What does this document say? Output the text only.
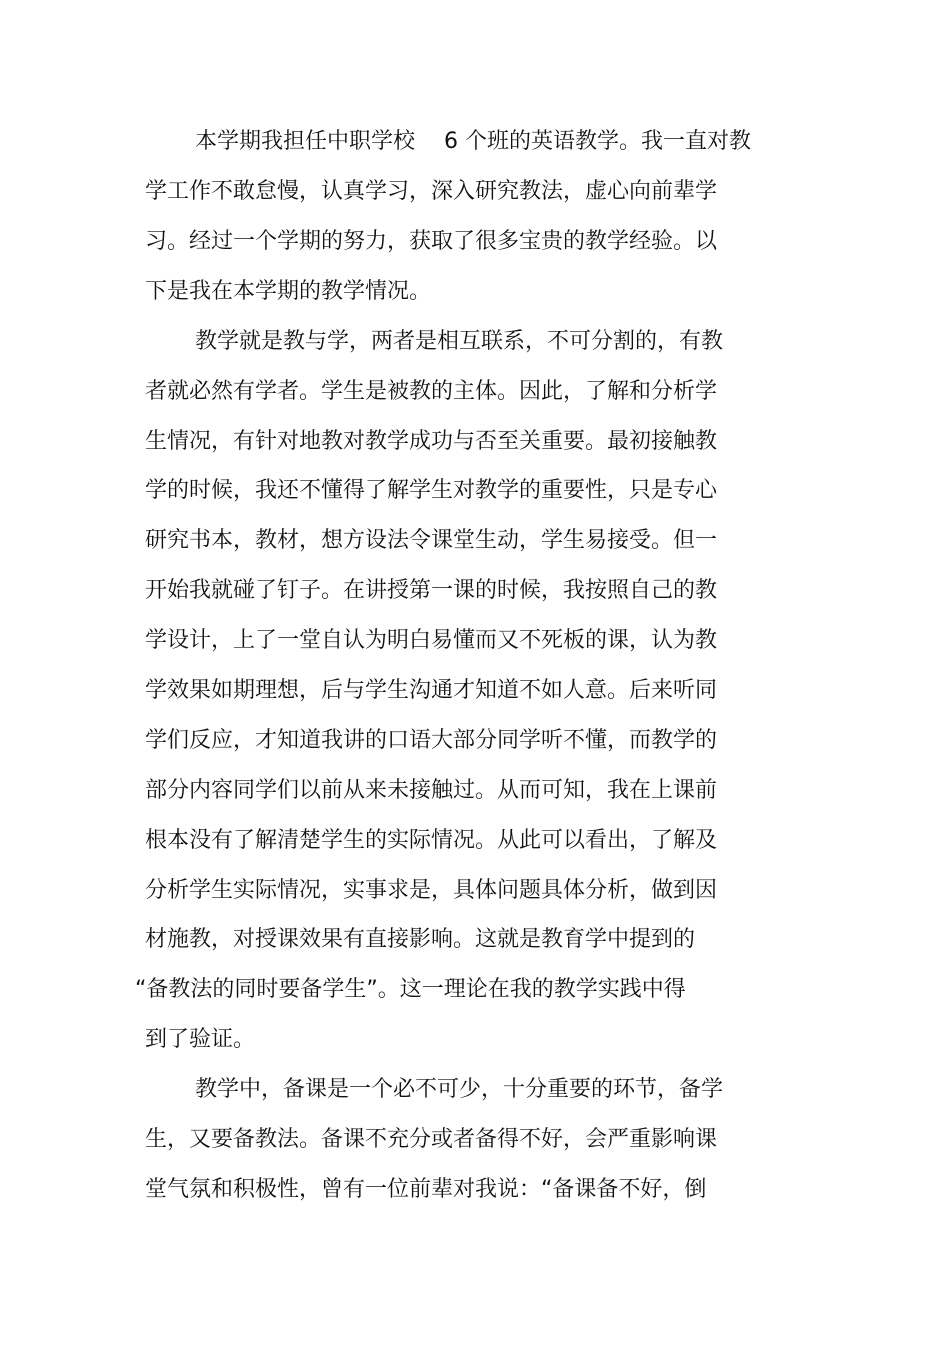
本学期我担任中职学校　 6 个班的英语教学。我一直对教
学工作不敢怠慢，认真学习，深入研究教法，虚心向前辈学
习。经过一个学期的努力，获取了很多宝贵的教学经验。以
下是我在本学期的教学情况。
教学就是教与学，两者是相互联系，不可分割的，有教
者就必然有学者。学生是被教的主体。因此，了解和分析学
生情况，有针对地教对教学成功与否至关重要。最初接触教
学的时候，我还不懂得了解学生对教学的重要性，只是专心
研究书本，教材，想方设法令课堂生动，学生易接受。但一
开始我就碰了钉子。在讲授第一课的时候，我按照自己的教
学设计，上了一堂自认为明白易懂而又不死板的课，认为教
学效果如期理想，后与学生沟通才知道不如人意。后来听同
学们反应，才知道我讲的口语大部分同学听不懂，而教学的
部分内容同学们以前从来未接触过。从而可知，我在上课前
根本没有了解清楚学生的实际情况。从此可以看出，了解及
分析学生实际情况，实事求是，具体问题具体分析，做到因
材施教，对授课效果有直接影响。这就是教育学中提到的
“备教法的同时要备学生”。这一理论在我的教学实践中得
到了验证。
教学中，备课是一个必不可少，十分重要的环节，备学
生，又要备教法。备课不充分或者备得不好，会严重影响课
堂气氛和积极性，曾有一位前辈对我说：“备课备不好，倒
